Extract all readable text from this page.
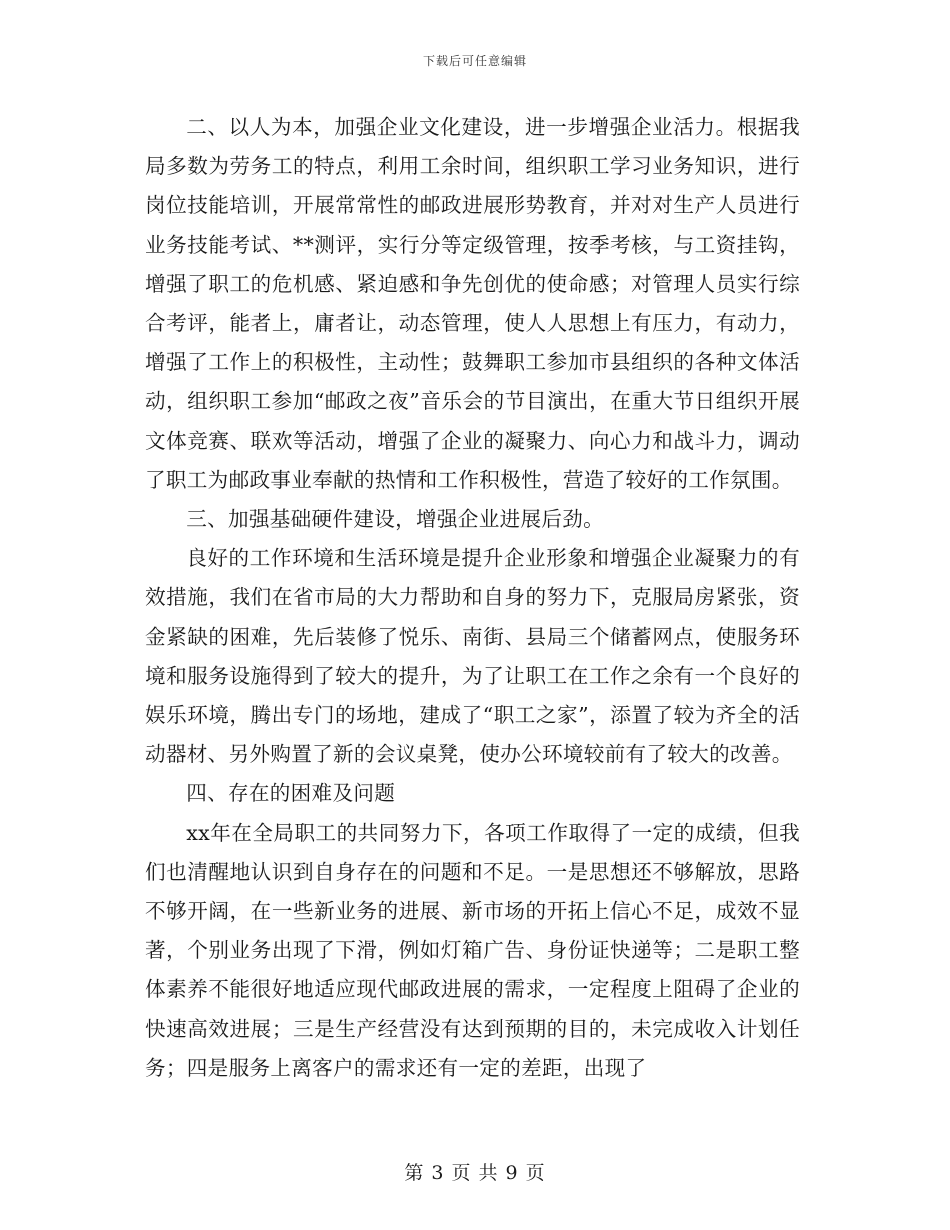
下载后可任意编辑

二、以人为本，加强企业文化建设，进一步增强企业活力。根据我局多数为劳务工的特点，利用工余时间，组织职工学习业务知识，进行岗位技能培训，开展常常性的邮政进展形势教育，并对对生产人员进行业务技能考试、**测评，实行分等定级管理，按季考核，与工资挂钩，增强了职工的危机感、紧迫感和争先创优的使命感；对管理人员实行综合考评，能者上，庸者让，动态管理，使人人思想上有压力，有动力，增强了工作上的积极性，主动性；鼓舞职工参加市县组织的各种文体活动，组织职工参加“邮政之夜”音乐会的节目演出，在重大节日组织开展文体竞赛、联欢等活动，增强了企业的凝聚力、向心力和战斗力，调动了职工为邮政事业奉献的热情和工作积极性，营造了较好的工作氛围。

三、加强基础硬件建设，增强企业进展后劲。

良好的工作环境和生活环境是提升企业形象和增强企业凝聚力的有效措施，我们在省市局的大力帮助和自身的努力下，克服局房紧张，资金紧缺的困难，先后装修了悦乐、南街、县局三个储蓄网点，使服务环境和服务设施得到了较大的提升，为了让职工在工作之余有一个良好的娱乐环境，腾出专门的场地，建成了“职工之家”，添置了较为齐全的活动器材、另外购置了新的会议桌凳，使办公环境较前有了较大的改善。

四、存在的困难及问题

xx年在全局职工的共同努力下，各项工作取得了一定的成绩，但我们也清醒地认识到自身存在的问题和不足。一是思想还不够解放，思路不够开阔，在一些新业务的进展、新市场的开拓上信心不足，成效不显著，个别业务出现了下滑，例如灯箱广告、身份证快递等；二是职工整体素养不能很好地适应现代邮政进展的需求，一定程度上阻碍了企业的快速高效进展；三是生产经营没有达到预期的目的，未完成收入计划任务；四是服务上离客户的需求还有一定的差距，出现了

第 3 页 共 9 页
